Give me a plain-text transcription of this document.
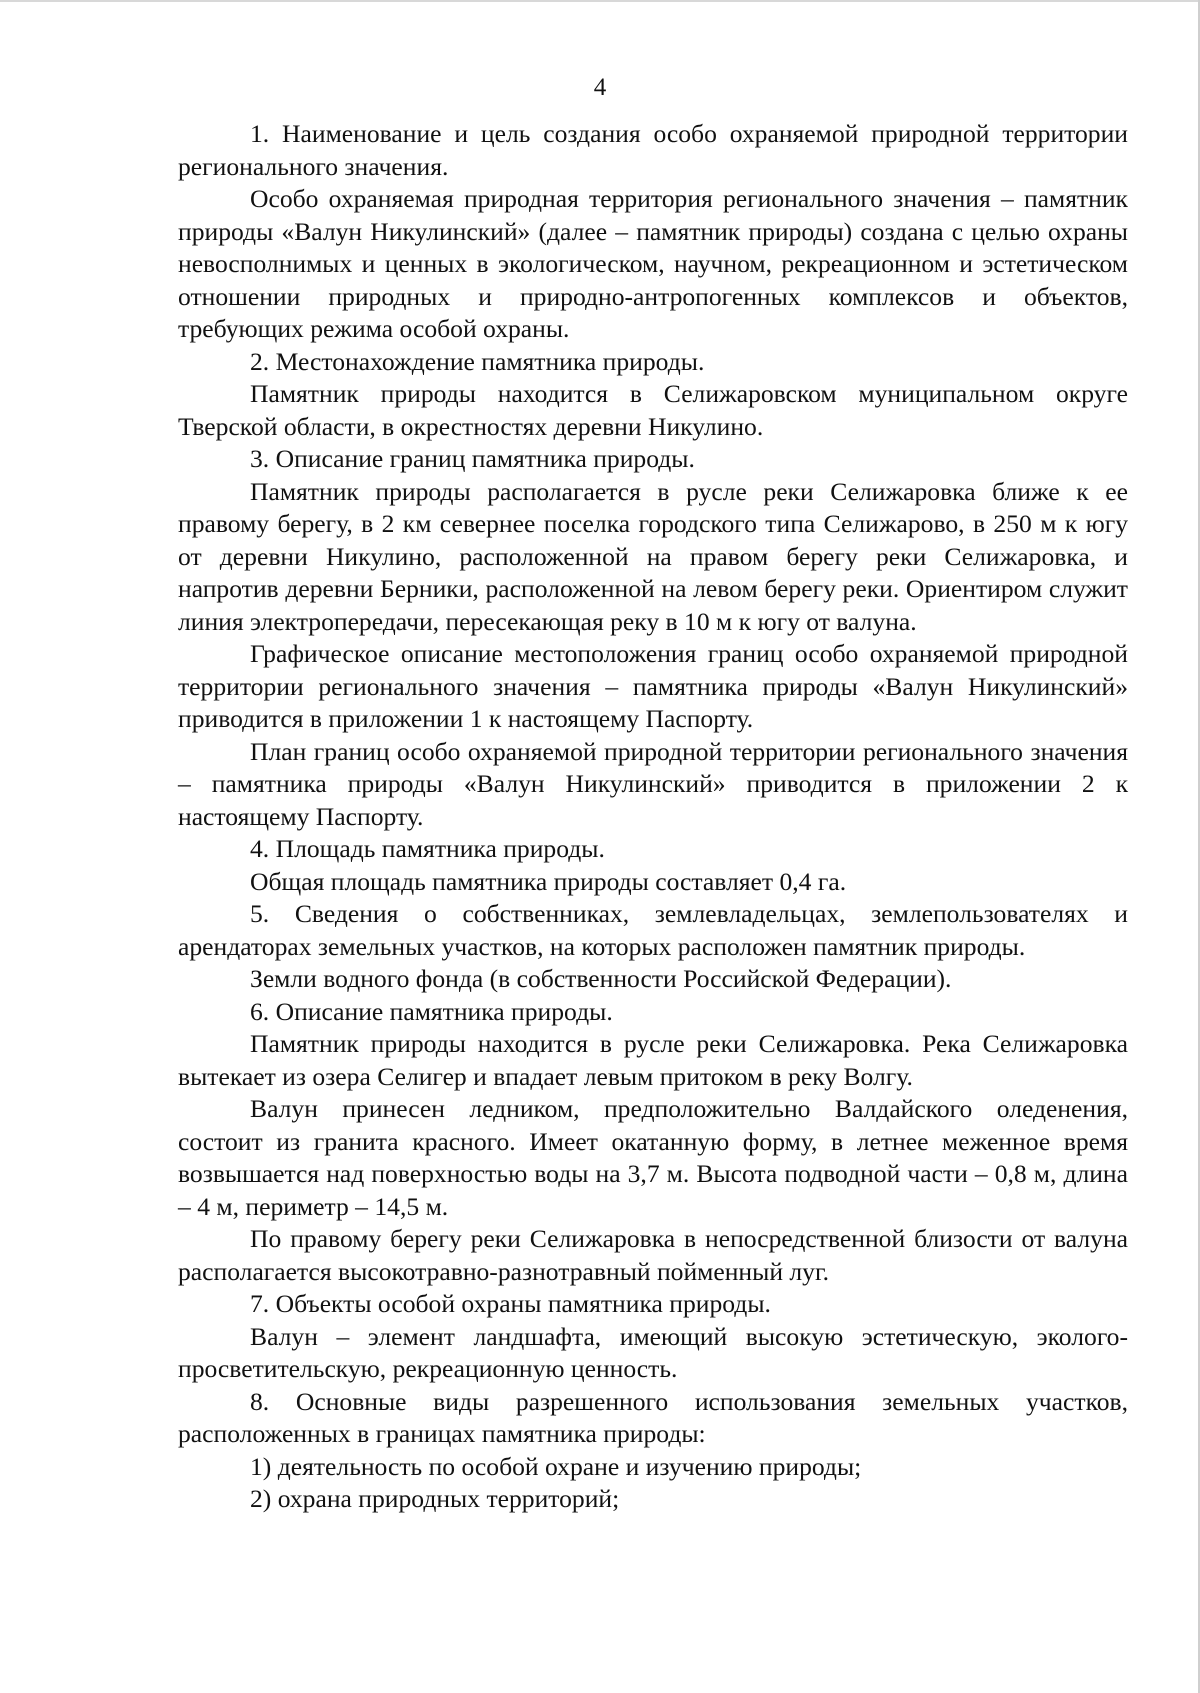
4

1. Наименование и цель создания особо охраняемой природной территории регионального значения.

Особо охраняемая природная территория регионального значения – памятник природы «Валун Никулинский» (далее – памятник природы) создана с целью охраны невосполнимых и ценных в экологическом, научном, рекреационном и эстетическом отношении природных и природно-антропогенных комплексов и объектов, требующих режима особой охраны.

2. Местонахождение памятника природы.

Памятник природы находится в Селижаровском муниципальном округе Тверской области, в окрестностях деревни Никулино.

3. Описание границ памятника природы.

Памятник природы располагается в русле реки Селижаровка ближе к ее правому берегу, в 2 км севернее поселка городского типа Селижарово, в 250 м к югу от деревни Никулино, расположенной на правом берегу реки Селижаровка, и напротив деревни Берники, расположенной на левом берегу реки. Ориентиром служит линия электропередачи, пересекающая реку в 10 м к югу от валуна.

Графическое описание местоположения границ особо охраняемой природной территории регионального значения – памятника природы «Валун Никулинский» приводится в приложении 1 к настоящему Паспорту.

План границ особо охраняемой природной территории регионального значения – памятника природы «Валун Никулинский» приводится в приложении 2 к настоящему Паспорту.

4. Площадь памятника природы.

Общая площадь памятника природы составляет 0,4 га.

5. Сведения о собственниках, землевладельцах, землепользователях и арендаторах земельных участков, на которых расположен памятник природы.

Земли водного фонда (в собственности Российской Федерации).

6. Описание памятника природы.

Памятник природы находится в русле реки Селижаровка. Река Селижаровка вытекает из озера Селигер и впадает левым притоком в реку Волгу.

Валун принесен ледником, предположительно Валдайского оледенения, состоит из гранита красного. Имеет окатанную форму, в летнее меженное время возвышается над поверхностью воды на 3,7 м. Высота подводной части – 0,8 м, длина – 4 м, периметр – 14,5 м.

По правому берегу реки Селижаровка в непосредственной близости от валуна располагается высокотравно-разнотравный пойменный луг.

7. Объекты особой охраны памятника природы.

Валун – элемент ландшафта, имеющий высокую эстетическую, эколого-просветительскую, рекреационную ценность.

8. Основные виды разрешенного использования земельных участков, расположенных в границах памятника природы:

1) деятельность по особой охране и изучению природы;

2) охрана природных территорий;
